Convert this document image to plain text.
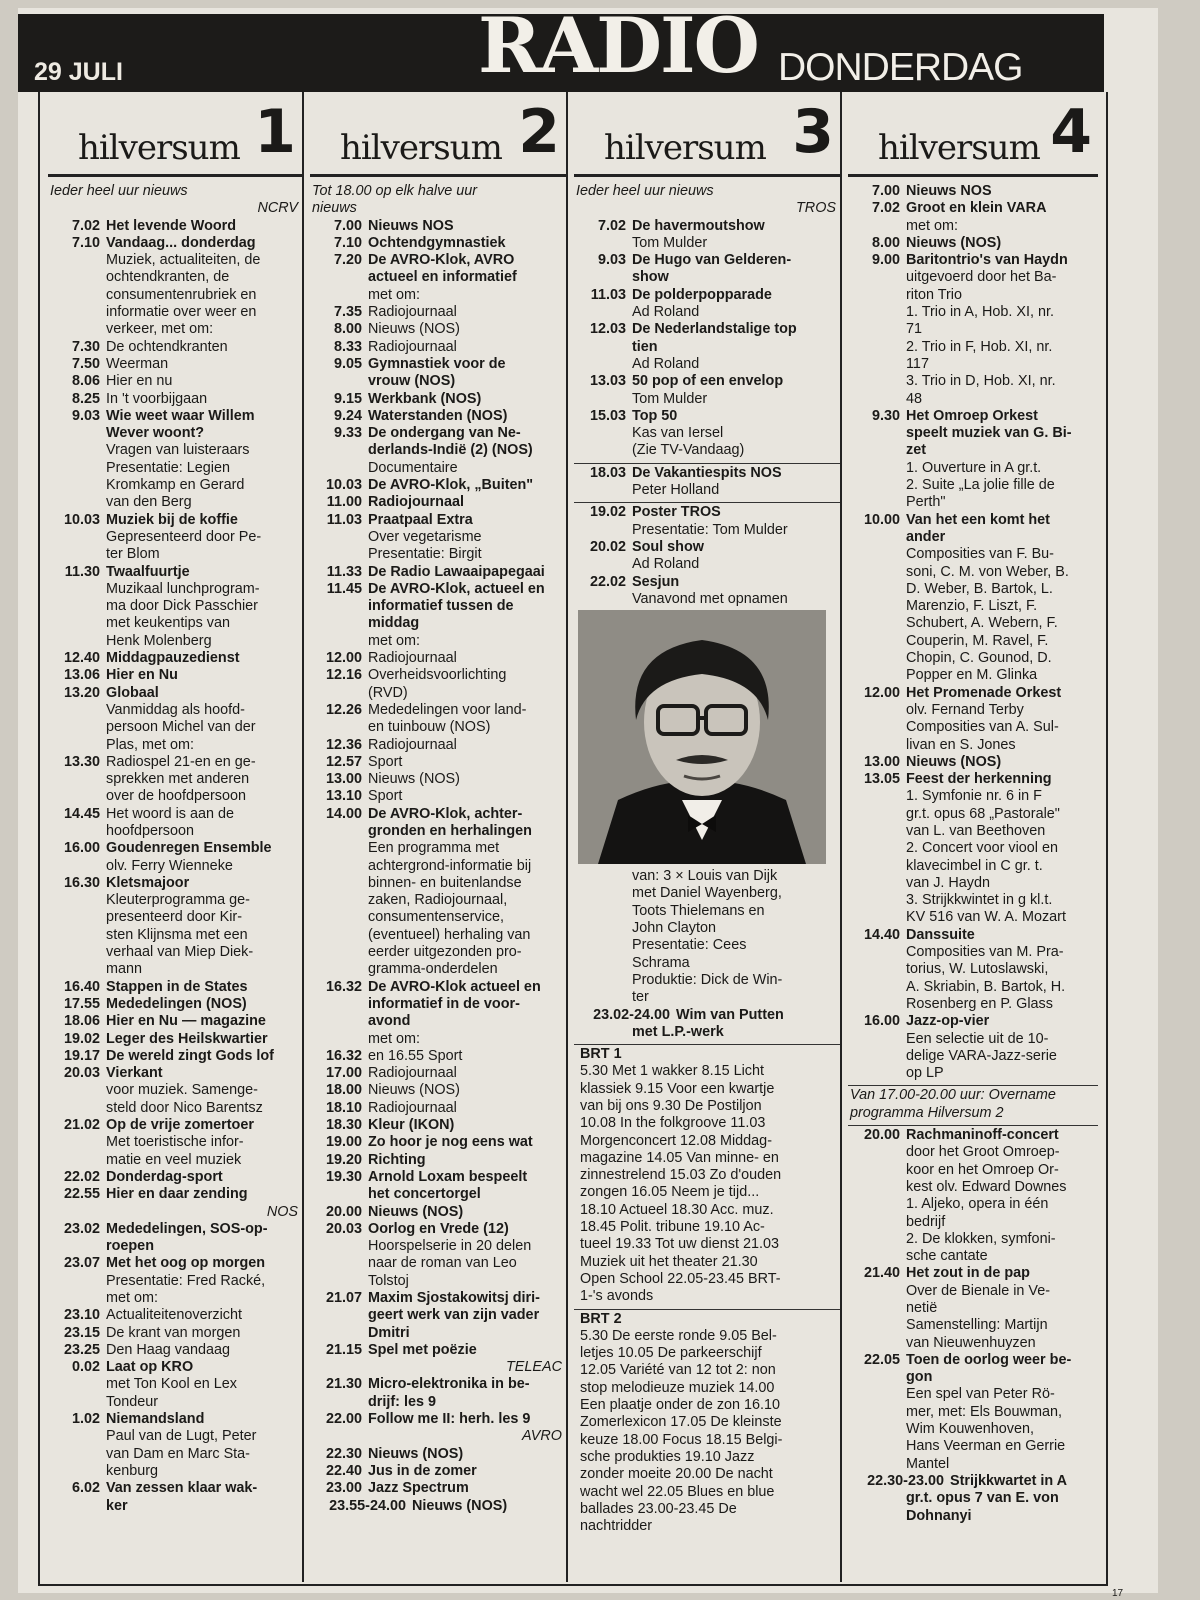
29 JULI	RADIO DONDERDAG
hilversum 1
Ieder heel uur nieuws
NCRV
7.02 Het levende Woord
7.10 Vandaag... donderdag
Muziek, actualiteiten, de
ochtendkranten, de
consumentenrubriek en
informatie over weer en
verkeer, met om:
7.30 De ochtendkranten
7.50 Weerman
8.06 Hier en nu
8.25 In 't voorbijgaan
9.03 Wie weet waar Willem
Wever woont?
Vragen van luisteraars
Presentatie: Legien
Kromkamp en Gerard
van den Berg
10.03 Muziek bij de koffie
Gepresenteerd door Pe-
ter Blom
11.30 Twaalfuurtje
Muzikaal lunchprogram-
ma door Dick Passchier
met keukentips van
Henk Molenberg
12.40 Middagpauzedienst
13.06 Hier en Nu
13.20 Globaal
Vanmiddag als hoofd-
persoon Michel van der
Plas, met om:
13.30 Radiospel 21-en en ge-
sprekken met anderen
over de hoofdpersoon
14.45 Het woord is aan de
hoofdpersoon
16.00 Goudenregen Ensemble
olv. Ferry Wienneke
16.30 Kletsmajoor
Kleuterprogramma ge-
presenteerd door Kir-
sten Klijnsma met een
verhaal van Miep Diek-
mann
16.40 Stappen in de States
17.55 Mededelingen (NOS)
18.06 Hier en Nu — magazine
19.02 Leger des Heilskwartier
19.17 De wereld zingt Gods lof
20.03 Vierkant
voor muziek. Samenge-
steld door Nico Barentsz
21.02 Op de vrije zomertoer
Met toeristische infor-
matie en veel muziek
22.02 Donderdag-sport
22.55 Hier en daar zending
NOS
23.02 Mededelingen, SOS-op-
roepen
23.07 Met het oog op morgen
Presentatie: Fred Racké,
met om:
23.10 Actualiteitenoverzicht
23.15 De krant van morgen
23.25 Den Haag vandaag
0.02 Laat op KRO
met Ton Kool en Lex
Tondeur
1.02 Niemandsland
Paul van de Lugt, Peter
van Dam en Marc Sta-
kenburg
6.02 Van zessen klaar wak-
ker
hilversum 2
Tot 18.00 op elk halve uur
nieuws
7.00 Nieuws NOS
7.10 Ochtendgymnastiek
7.20 De AVRO-Klok, AVRO
actueel en informatief
met om:
7.35 Radiojournaal
8.00 Nieuws (NOS)
8.33 Radiojournaal
9.05 Gymnastiek voor de
vrouw (NOS)
9.15 Werkbank (NOS)
9.24 Waterstanden (NOS)
9.33 De ondergang van Ne-
derlands-Indië (2) (NOS)
Documentaire
10.03 De AVRO-Klok, „Buiten"
11.00 Radiojournaal
11.03 Praatpaal Extra
Over vegetarisme
Presentatie: Birgit
11.33 De Radio Lawaaipapegaai
11.45 De AVRO-Klok, actueel en
informatief tussen de
middag
met om:
12.00 Radiojournaal
12.16 Overheidsvoorlichting
(RVD)
12.26 Mededelingen voor land-
en tuinbouw (NOS)
12.36 Radiojournaal
12.57 Sport
13.00 Nieuws (NOS)
13.10 Sport
14.00 De AVRO-Klok, achter-
gronden en herhalingen
Een programma met
achtergrond-informatie bij
binnen- en buitenlandse
zaken, Radiojournaal,
consumentenservice,
(eventueel) herhaling van
eerder uitgezonden pro-
gramma-onderdelen
16.32 De AVRO-Klok actueel en
informatief in de voor-
avond
met om:
16.32 en 16.55 Sport
17.00 Radiojournaal
18.00 Nieuws (NOS)
18.10 Radiojournaal
18.30 Kleur (IKON)
19.00 Zo hoor je nog eens wat
19.20 Richting
19.30 Arnold Loxam bespeelt
het concertorgel
20.00 Nieuws (NOS)
20.03 Oorlog en Vrede (12)
Hoorspelserie in 20 delen
naar de roman van Leo
Tolstoj
21.07 Maxim Sjostakowitsj diri-
geert werk van zijn vader
Dmitri
21.15 Spel met poëzie
TELEAC
21.30 Micro-elektronika in be-
drijf: les 9
22.00 Follow me II: herh. les 9
AVRO
22.30 Nieuws (NOS)
22.40 Jus in de zomer
23.00 Jazz Spectrum
23.55-24.00 Nieuws (NOS)
hilversum 3
Ieder heel uur nieuws
TROS
7.02 De havermoutshow
Tom Mulder
9.03 De Hugo van Gelderen-
show
11.03 De polderpopparade
Ad Roland
12.03 De Nederlandstalige top
tien
Ad Roland
13.03 50 pop of een envelop
Tom Mulder
15.03 Top 50
Kas van Iersel
(Zie TV-Vandaag)
18.03 De Vakantiespits NOS
Peter Holland
19.02 Poster TROS
Presentatie: Tom Mulder
20.02 Soul show
Ad Roland
22.02 Sesjun
Vanavond met opnamen
van: 3 × Louis van Dijk
met Daniel Wayenberg,
Toots Thielemans en
John Clayton
Presentatie: Cees
Schrama
Produktie: Dick de Win-
ter
23.02-24.00 Wim van Putten
met L.P.-werk
BRT 1
5.30 Met 1 wakker 8.15 Licht
klassiek 9.15 Voor een kwartje
van bij ons 9.30 De Postiljon
10.08 In the folkgroove 11.03
Morgenconcert 12.08 Middag-
magazine 14.05 Van minne- en
zinnestrelend 15.03 Zo d'ouden
zongen 16.05 Neem je tijd...
18.10 Actueel 18.30 Acc. muz.
18.45 Polit. tribune 19.10 Ac-
tueel 19.33 Tot uw dienst 21.03
Muziek uit het theater 21.30
Open School 22.05-23.45 BRT-
1-'s avonds
BRT 2
5.30 De eerste ronde 9.05 Bel-
letjes 10.05 De parkeerschijf
12.05 Variété van 12 tot 2: non
stop melodieuze muziek 14.00
Een plaatje onder de zon 16.10
Zomerlexicon 17.05 De kleinste
keuze 18.00 Focus 18.15 Belgi-
sche produkties 19.10 Jazz
zonder moeite 20.00 De nacht
wacht wel 22.05 Blues en blue
ballades 23.00-23.45 De
nachtridder
hilversum 4
7.00 Nieuws NOS
7.02 Groot en klein VARA
met om:
8.00 Nieuws (NOS)
9.00 Baritontrio's van Haydn
uitgevoerd door het Ba-
riton Trio
1. Trio in A, Hob. XI, nr.
71
2. Trio in F, Hob. XI, nr.
117
3. Trio in D, Hob. XI, nr.
48
9.30 Het Omroep Orkest
speelt muziek van G. Bi-
zet
1. Ouverture in A gr.t.
2. Suite „La jolie fille de
Perth"
10.00 Van het een komt het
ander
Composities van F. Bu-
soni, C. M. von Weber, B.
D. Weber, B. Bartok, L.
Marenzio, F. Liszt, F.
Schubert, A. Webern, F.
Couperin, M. Ravel, F.
Chopin, C. Gounod, D.
Popper en M. Glinka
12.00 Het Promenade Orkest
olv. Fernand Terby
Composities van A. Sul-
livan en S. Jones
13.00 Nieuws (NOS)
13.05 Feest der herkenning
1. Symfonie nr. 6 in F
gr.t. opus 68 „Pastorale"
van L. van Beethoven
2. Concert voor viool en
klavecimbel in C gr. t.
van J. Haydn
3. Strijkkwintet in g kl.t.
KV 516 van W. A. Mozart
14.40 Danssuite
Composities van M. Pra-
torius, W. Lutoslawski,
A. Skriabin, B. Bartok, H.
Rosenberg en P. Glass
16.00 Jazz-op-vier
Een selectie uit de 10-
delige VARA-Jazz-serie
op LP
Van 17.00-20.00 uur: Overname
programma Hilversum 2
20.00 Rachmaninoff-concert
door het Groot Omroep-
koor en het Omroep Or-
kest olv. Edward Downes
1. Aljeko, opera in één
bedrijf
2. De klokken, symfoni-
sche cantate
21.40 Het zout in de pap
Over de Bienale in Ve-
netië
Samenstelling: Martijn
van Nieuwenhuyzen
22.05 Toen de oorlog weer be-
gon
Een spel van Peter Rö-
mer, met: Els Bouwman,
Wim Kouwenhoven,
Hans Veerman en Gerrie
Mantel
22.30-23.00 Strijkkwartet in A
gr.t. opus 7 van E. von
Dohnanyi
17
